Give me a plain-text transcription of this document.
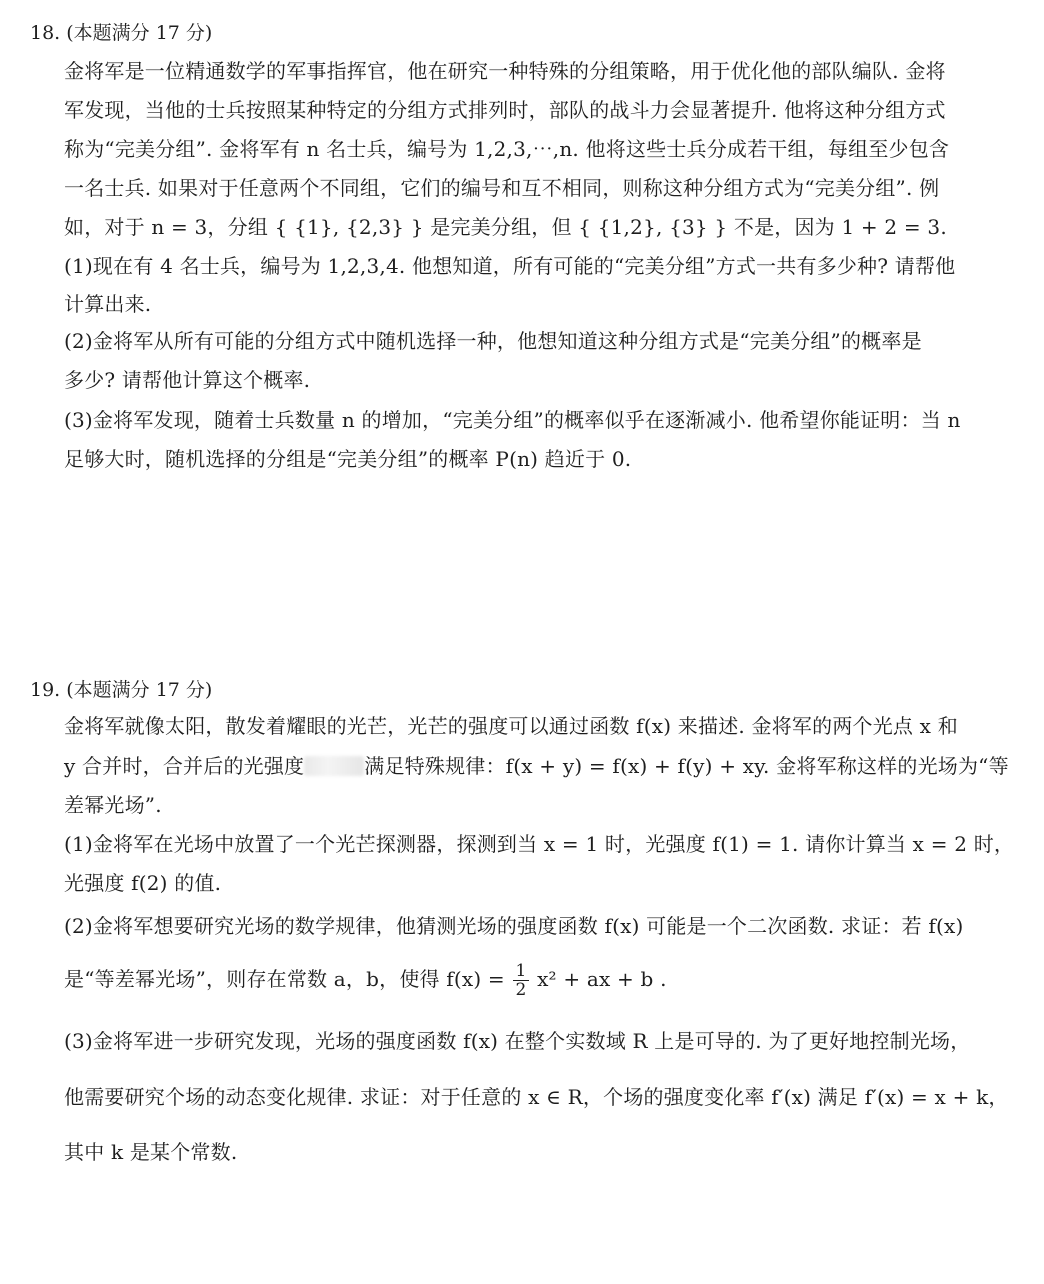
18. (本题满分 17 分)
金将军是一位精通数学的军事指挥官，他在研究一种特殊的分组策略，用于优化他的部队编队. 金将
军发现，当他的士兵按照某种特定的分组方式排列时，部队的战斗力会显著提升. 他将这种分组方式
称为“完美分组”. 金将军有 n 名士兵，编号为 1,2,3,⋯,n. 他将这些士兵分成若干组，每组至少包含
一名士兵. 如果对于任意两个不同组，它们的编号和互不相同，则称这种分组方式为“完美分组”. 例
如，对于 n = 3，分组 { {1}, {2,3} } 是完美分组，但 { {1,2}, {3} } 不是，因为 1 + 2 = 3.
(1)现在有 4 名士兵，编号为 1,2,3,4. 他想知道，所有可能的“完美分组”方式一共有多少种? 请帮他
计算出来.
(2)金将军从所有可能的分组方式中随机选择一种，他想知道这种分组方式是“完美分组”的概率是
多少? 请帮他计算这个概率.
(3)金将军发现，随着士兵数量 n 的增加，“完美分组”的概率似乎在逐渐减小. 他希望你能证明：当 n
足够大时，随机选择的分组是“完美分组”的概率 P(n) 趋近于 0.
19. (本题满分 17 分)
金将军就像太阳，散发着耀眼的光芒，光芒的强度可以通过函数 f(x) 来描述. 金将军的两个光点 x 和
y 合并时，合并后的光强度	满足特殊规律：f(x + y) = f(x) + f(y) + xy. 金将军称这样的光场为“等
差幂光场”.
(1)金将军在光场中放置了一个光芒探测器，探测到当 x = 1 时，光强度 f(1) = 1. 请你计算当 x = 2 时，
光强度 f(2) 的值.
(2)金将军想要研究光场的数学规律，他猜测光场的强度函数 f(x) 可能是一个二次函数. 求证：若 f(x)
是“等差幂光场”，则存在常数 a，b，使得 $f(x) = \frac{1}{2} x^2$ + ax + b .
(3)金将军进一步研究发现，光场的强度函数 f(x) 在整个实数域 R 上是可导的. 为了更好地控制光场，
他需要研究个场的动态变化规律. 求证：对于任意的 x ∈ R，个场的强度变化率 f′(x) 满足 f′(x) = x + k，
其中 k 是某个常数.
